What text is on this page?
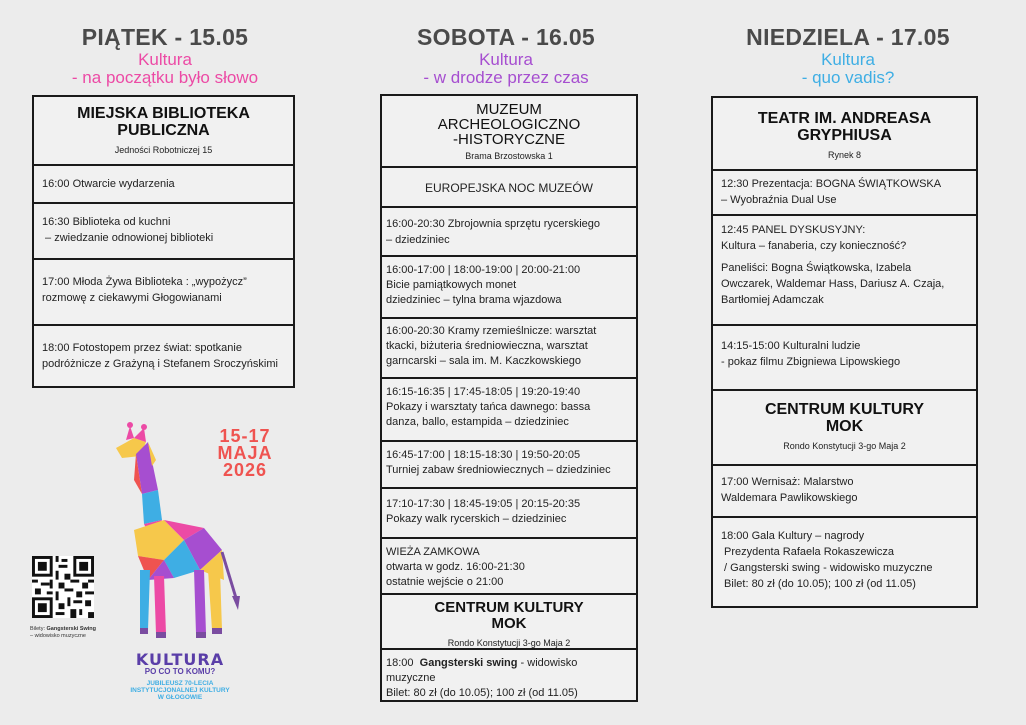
PIĄTEK - 15.05
Kultura
- na początku było słowo
MIEJSKA BIBLIOTEKA PUBLICZNA
Jedności Robotniczej 15
16:00 Otwarcie wydarzenia
16:30 Biblioteka od kuchni
– zwiedzanie odnowionej biblioteki
17:00 Młoda Żywa Biblioteka : „wypożycz”
rozmowę z ciekawymi Głogowianami
18:00 Fotostopem przez świat: spotkanie
podróżnicze z Grażyną i Stefanem Sroczyńskimi
15-17
MAJA
2026
KULTURA
PO CO TO KOMU?
JUBILEUSZ 70-LECIA
INSTYTUCJONALNEJ KULTURY
W GŁOGOWIE
Bilety: Gangsterski Swing
– widowisko muzyczne
SOBOTA - 16.05
Kultura
- w drodze przez czas
MUZEUM
ARCHEOLOGICZNO
-HISTORYCZNE
Brama Brzostowska 1
EUROPEJSKA NOC MUZEÓW
16:00-20:30 Zbrojownia sprzętu rycerskiego
– dziedziniec
16:00-17:00 | 18:00-19:00 | 20:00-21:00
Bicie pamiątkowych monet
dziedziniec – tylna brama wjazdowa
16:00-20:30 Kramy rzemieślnicze: warsztat
tkacki, biżuteria średniowieczna, warsztat
garncarski – sala im. M. Kaczkowskiego
16:15-16:35 | 17:45-18:05 | 19:20-19:40
Pokazy i warsztaty tańca dawnego: bassa
danza, ballo, estampida – dziedziniec
16:45-17:00 | 18:15-18:30 | 19:50-20:05
Turniej zabaw średniowiecznych – dziedziniec
17:10-17:30 | 18:45-19:05 | 20:15-20:35
Pokazy walk rycerskich – dziedziniec
WIEŻA ZAMKOWA
otwarta w godz. 16:00-21:30
ostatnie wejście o 21:00
CENTRUM KULTURY
MOK
Rondo Konstytucji 3-go Maja 2
18:00 Gangsterski swing - widowisko
muzyczne
Bilet: 80 zł (do 10.05); 100 zł (od 11.05)
NIEDZIELA - 17.05
Kultura
- quo vadis?
TEATR IM. ANDREASA
GRYPHIUSA
Rynek 8
12:30 Prezentacja: BOGNA ŚWIĄTKOWSKA
– Wyobraźnia Dual Use
12:45 PANEL DYSKUSYJNY:
Kultura – fanaberia, czy konieczność?
Paneliści: Bogna Świątkowska, Izabela
Owczarek, Waldemar Hass, Dariusz A. Czaja,
Bartłomiej Adamczak
14:15-15:00 Kulturalni ludzie
- pokaz filmu Zbigniewa Lipowskiego
CENTRUM KULTURY
MOK
Rondo Konstytucji 3-go Maja 2
17:00 Wernisaż: Malarstwo
Waldemara Pawlikowskiego
18:00 Gala Kultury – nagrody
Prezydenta Rafaela Rokaszewicza
/ Gangsterski swing - widowisko muzyczne
Bilet: 80 zł (do 10.05); 100 zł (od 11.05)
